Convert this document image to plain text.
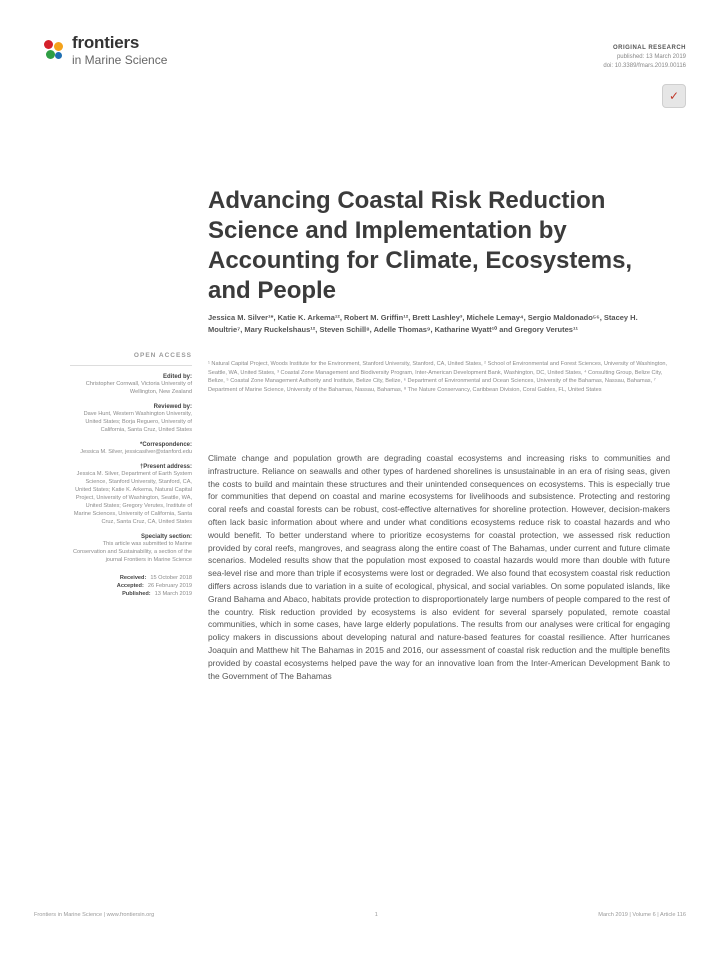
frontiers
in Marine Science
ORIGINAL RESEARCH
published: 13 March 2019
doi: 10.3389/fmars.2019.00116
✓
Advancing Coastal Risk Reduction Science and Implementation by Accounting for Climate, Ecosystems, and People
Jessica M. Silver¹*, Katie K. Arkema¹², Robert M. Griffin¹², Brett Lashley³, Michele Lemay⁴, Sergio Maldonado⁵⁶, Stacey H. Moultrie⁷, Mary Ruckelshaus¹², Steven Schill⁸, Adelle Thomas⁹, Katharine Wyatt¹⁰ and Gregory Verutes¹¹
¹ Natural Capital Project, Woods Institute for the Environment, Stanford University, Stanford, CA, United States, ² School of Environmental and Forest Sciences, University of Washington, Seattle, WA, United States, ³ Coastal Zone Management and Biodiversity Program, Inter-American Development Bank, Washington, DC, United States, ⁴ Consulting Group, Belize City, Belize, ⁵ Coastal Zone Management Authority and Institute, Belize City, Belize, ⁶ Department of Environmental and Ocean Sciences, University of the Bahamas, Nassau, Bahamas, ⁷ Department of Marine Science, University of the Bahamas, Nassau, Bahamas, ⁸ The Nature Conservancy, Caribbean Division, Coral Gables, FL, United States

Climate change and population growth are degrading coastal ecosystems and increasing risks to communities and infrastructure. Reliance on seawalls and other types of hardened shorelines is unsustainable in an era of rising seas, given the costs to build and maintain these structures and their unintended consequences on ecosystems. This is especially true for communities that depend on coastal and marine ecosystems for livelihoods and subsistence. Protecting and restoring coral reefs and coastal forests can be robust, cost-effective alternatives for shoreline protection. However, decision-makers often lack basic information about where and under what conditions ecosystems reduce risk to coastal hazards and who would benefit. To better understand where to prioritize ecosystems for coastal protection, we assessed risk reduction provided by coral reefs, mangroves, and seagrass along the entire coast of The Bahamas, under current and future climate scenarios. Modeled results show that the population most exposed to coastal hazards would more than double with future sea-level rise and more than triple if ecosystems were lost or degraded. We also found that ecosystem coastal risk reduction differs across islands due to variation in a suite of ecological, physical, and social variables. On some populated islands, like Grand Bahama and Abaco, habitats provide protection to disproportionately large numbers of people compared to the rest of the country. Risk reduction provided by ecosystems is also evident for several sparsely populated, remote coastal communities, which in some cases, have large elderly populations. The results from our analyses were critical for engaging policy makers in discussions about developing natural and nature-based features for coastal resilience. After hurricanes Joaquin and Matthew hit The Bahamas in 2015 and 2016, our assessment of coastal risk reduction and the multiple benefits provided by coastal ecosystems helped pave the way for an innovative loan from the Inter-American Development Bank to the Government of The Bahamas

OPEN ACCESS
Edited by:
Christopher Cornwall, Victoria University of Wellington, New Zealand
Reviewed by:
Dave Hunt, Western Washington University, United States; Borja Reguero, University of California, Santa Cruz, United States
*Correspondence:
Jessica M. Silver, jessicasilver@stanford.edu
†Present address:
Jessica M. Silver, Department of Earth System Science, Stanford University, Stanford, CA, United States; Katie K. Arkema, Natural Capital Project, University of Washington, Seattle, WA, United States; Gregory Verutes, Institute of Marine Sciences, University of California, Santa Cruz, Santa Cruz, CA, United States
Specialty section:
This article was submitted to Marine Conservation and Sustainability, a section of the journal Frontiers in Marine Science
Received: 15 October 2018
Accepted: 26 February 2019
Published: 13 March 2019
Frontiers in Marine Science | www.frontiersin.org	1	March 2019 | Volume 6 | Article 116
